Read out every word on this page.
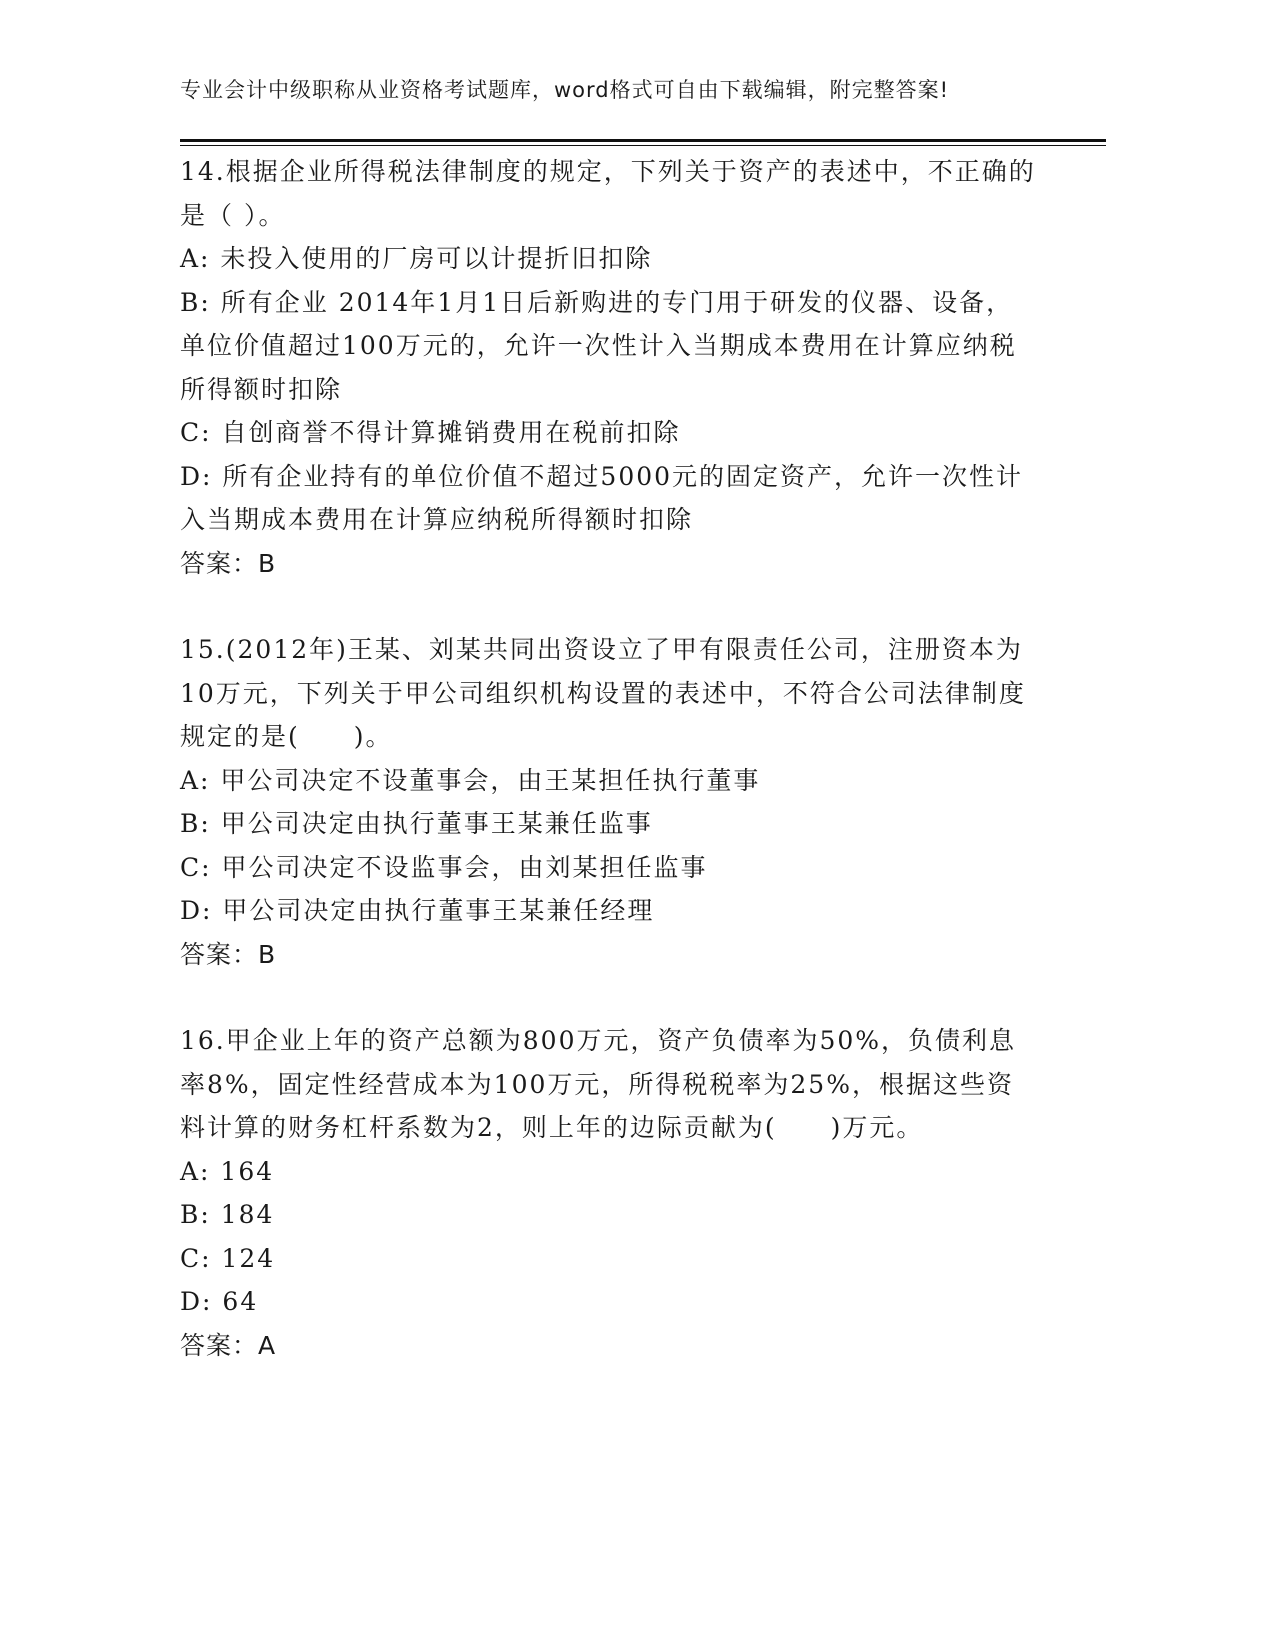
专业会计中级职称从业资格考试题库，word格式可自由下载编辑，附完整答案!

14.根据企业所得税法律制度的规定，下列关于资产的表述中，不正确的是（ ）。

A: 未投入使用的厂房可以计提折旧扣除

B: 所有企业 2014年1月1日后新购进的专门用于研发的仪器、设备，单位价值超过100万元的，允许一次性计入当期成本费用在计算应纳税所得额时扣除

C: 自创商誉不得计算摊销费用在税前扣除

D: 所有企业持有的单位价值不超过5000元的固定资产，允许一次性计入当期成本费用在计算应纳税所得额时扣除

答案：B

15.(2012年)王某、刘某共同出资设立了甲有限责任公司，注册资本为10万元，下列关于甲公司组织机构设置的表述中，不符合公司法律制度规定的是(　　)。

A: 甲公司决定不设董事会，由王某担任执行董事

B: 甲公司决定由执行董事王某兼任监事

C: 甲公司决定不设监事会，由刘某担任监事

D: 甲公司决定由执行董事王某兼任经理

答案：B

16.甲企业上年的资产总额为800万元，资产负债率为50%，负债利息率8%，固定性经营成本为100万元，所得税税率为25%，根据这些资料计算的财务杠杆系数为2，则上年的边际贡献为(　　)万元。

A: 164

B: 184

C: 124

D: 64

答案：A
